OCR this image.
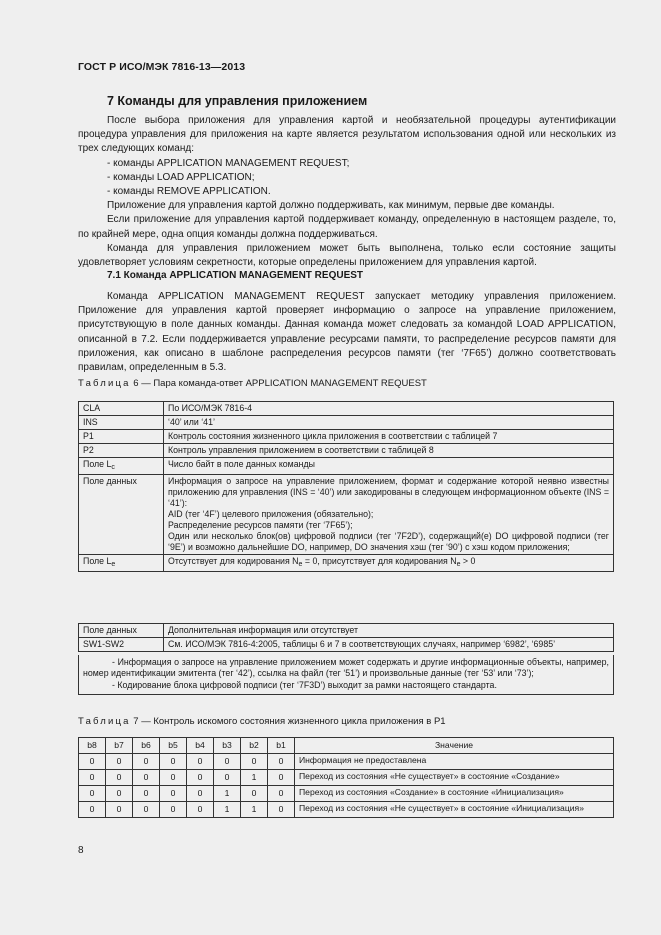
ГОСТ Р ИСО/МЭК 7816-13—2013
7 Команды для управления приложением

После выбора приложения для управления картой и необязательной процедуры аутентификации процедура управления для приложения на карте является результатом использования одной или нескольких из трех следующих команд:

- команды APPLICATION MANAGEMENT REQUEST;

- команды LOAD APPLICATION;

- команды REMOVE APPLICATION.

Приложение для управления картой должно поддерживать, как минимум, первые две команды.

Если приложение для управления картой поддерживает команду, определенную в настоящем разделе, то, по крайней мере, одна опция команды должна поддерживаться.

Команда для управления приложением может быть выполнена, только если состояние защиты удовлетворяет условиям секретности, которые определены приложением для управления картой.

7.1 Команда APPLICATION MANAGEMENT REQUEST

Команда APPLICATION MANAGEMENT REQUEST запускает методику управления приложением. Приложение для управления картой проверяет информацию о запросе на управление приложением, присутствующую в поле данных команды. Данная команда может следовать за командой LOAD APPLICATION, описанной в 7.2. Если поддерживается управление ресурсами памяти, то распределение ресурсов памяти для приложения, как описано в шаблоне распределения ресурсов памяти (тег ‘7F65’) должно соответствовать правилам, определенным в 5.3.

Таблица 6 — Пара команда-ответ APPLICATION MANAGEMENT REQUEST
CLA	По ИСО/МЭК 7816-4
INS	‘40’ или ‘41’
P1	Контроль состояния жизненного цикла приложения в соответствии с таблицей 7
P2	Контроль управления приложением в соответствии с таблицей 8
Поле $L_c$	Число байт в поле данных команды
Поле данных	Информация о запросе на управление приложением, формат и содержание которой неявно известны приложению для управления (INS = ‘40’) или закодированы в следующем информационном объекте (INS = ‘41’):
AID (тег ‘4F’) целевого приложения (обязательно);
Распределение ресурсов памяти (тег ‘7F65’);
Один или несколько блок(ов) цифровой подписи (тег ‘7F2D’), содержащий(е) DO цифровой подписи (тег ‘9E’) и возможно дальнейшие DO, например, DO значения хэш (тег ‘90’) с хэш кодом приложения;

Поле $L_e$	Отсутствует для кодирования $N_e = 0$, присутствует для кодирования $N_e > 0$
Поле данных	Дополнительная информация или отсутствует
SW1-SW2	См. ИСО/МЭК 7816-4:2005, таблицы 6 и 7 в соответствующих случаях, например ‘6982’, ‘6985’

- Информация о запросе на управление приложением может содержать и другие информационные объекты, например, номер идентификации эмитента (тег ‘42’), ссылка на файл (тег ‘51’) и произвольные данные (тег ‘53’ или ‘73’);

- Кодирование блока цифровой подписи (тег ‘7F3D’) выходит за рамки настоящего стандарта.

Таблица 7 — Контроль искомого состояния жизненного цикла приложения в P1
b8	b7	b6	b5	b4	b3	b2	b1	Значение
0	0	0	0	0	0	0	0	Информация не предоставлена
0	0	0	0	0	0	1	0	Переход из состояния «Не существует» в состояние «Создание»
0	0	0	0	0	1	0	0	Переход из состояния «Создание» в состояние «Инициализация»
0	0	0	0	0	1	1	0	Переход из состояния «Не существует» в состояние «Инициализация»
8
